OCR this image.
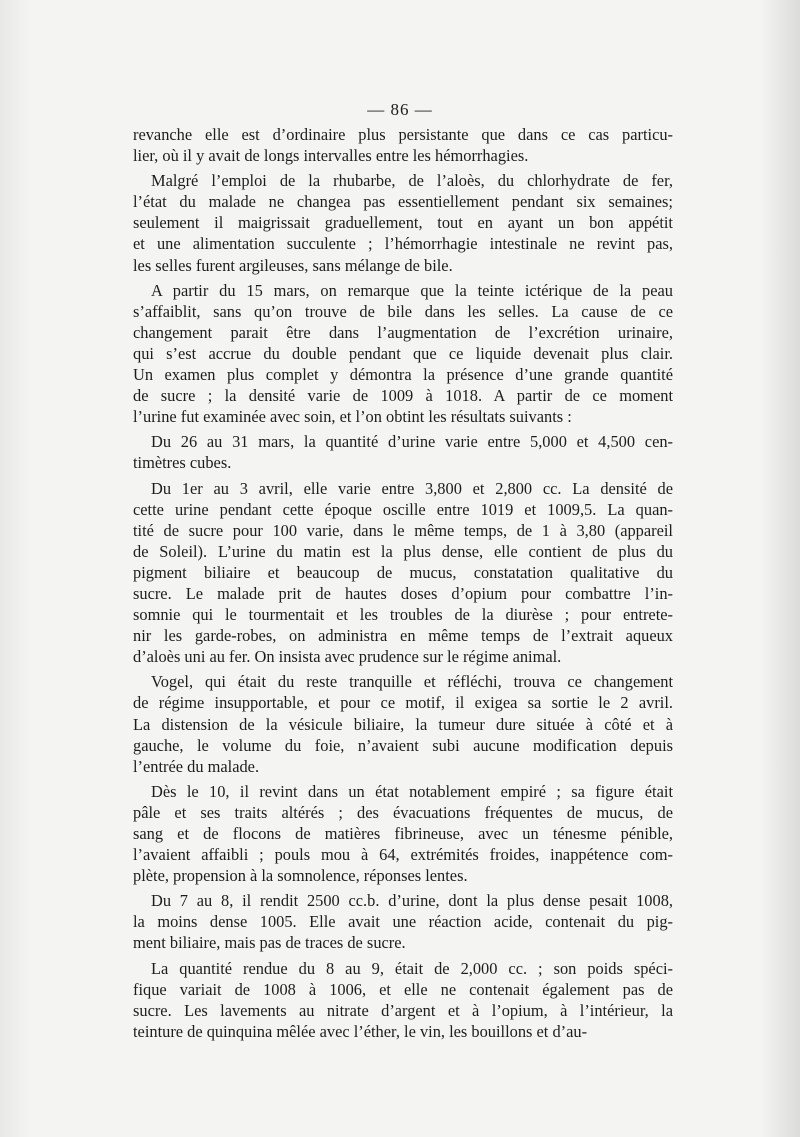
— 86 —

revanche elle est d’ordinaire plus persistante que dans ce cas particu-
lier, où il y avait de longs intervalles entre les hémorrhagies.

Malgré l’emploi de la rhubarbe, de l’aloès, du chlorhydrate de fer,
l’état du malade ne changea pas essentiellement pendant six semaines;
seulement il maigrissait graduellement, tout en ayant un bon appétit
et une alimentation succulente ; l’hémorrhagie intestinale ne revint pas,
les selles furent argileuses, sans mélange de bile.

A partir du 15 mars, on remarque que la teinte ictérique de la peau
s’affaiblit, sans qu’on trouve de bile dans les selles. La cause de ce
changement parait être dans l’augmentation de l’excrétion urinaire,
qui s’est accrue du double pendant que ce liquide devenait plus clair.
Un examen plus complet y démontra la présence d’une grande quantité
de sucre ; la densité varie de 1009 à 1018. A partir de ce moment
l’urine fut examinée avec soin, et l’on obtint les résultats suivants :

Du 26 au 31 mars, la quantité d’urine varie entre 5,000 et 4,500 cen-
timètres cubes.

Du 1er au 3 avril, elle varie entre 3,800 et 2,800 cc. La densité de
cette urine pendant cette époque oscille entre 1019 et 1009,5. La quan-
tité de sucre pour 100 varie, dans le même temps, de 1 à 3,80 (appareil
de Soleil). L’urine du matin est la plus dense, elle contient de plus du
pigment biliaire et beaucoup de mucus, constatation qualitative du
sucre. Le malade prit de hautes doses d’opium pour combattre l’in-
somnie qui le tourmentait et les troubles de la diurèse ; pour entrete-
nir les garde-robes, on administra en même temps de l’extrait aqueux
d’aloès uni au fer. On insista avec prudence sur le régime animal.

Vogel, qui était du reste tranquille et réfléchi, trouva ce changement
de régime insupportable, et pour ce motif, il exigea sa sortie le 2 avril.
La distension de la vésicule biliaire, la tumeur dure située à côté et à
gauche, le volume du foie, n’avaient subi aucune modification depuis
l’entrée du malade.

Dès le 10, il revint dans un état notablement empiré ; sa figure était
pâle et ses traits altérés ; des évacuations fréquentes de mucus, de
sang et de flocons de matières fibrineuse, avec un ténesme pénible,
l’avaient affaibli ; pouls mou à 64, extrémités froides, inappétence com-
plète, propension à la somnolence, réponses lentes.

Du 7 au 8, il rendit 2500 cc.b. d’urine, dont la plus dense pesait 1008,
la moins dense 1005. Elle avait une réaction acide, contenait du pig-
ment biliaire, mais pas de traces de sucre.

La quantité rendue du 8 au 9, était de 2,000 cc. ; son poids spéci-
fique variait de 1008 à 1006, et elle ne contenait également pas de
sucre. Les lavements au nitrate d’argent et à l’opium, à l’intérieur, la
teinture de quinquina mêlée avec l’éther, le vin, les bouillons et d’au-
